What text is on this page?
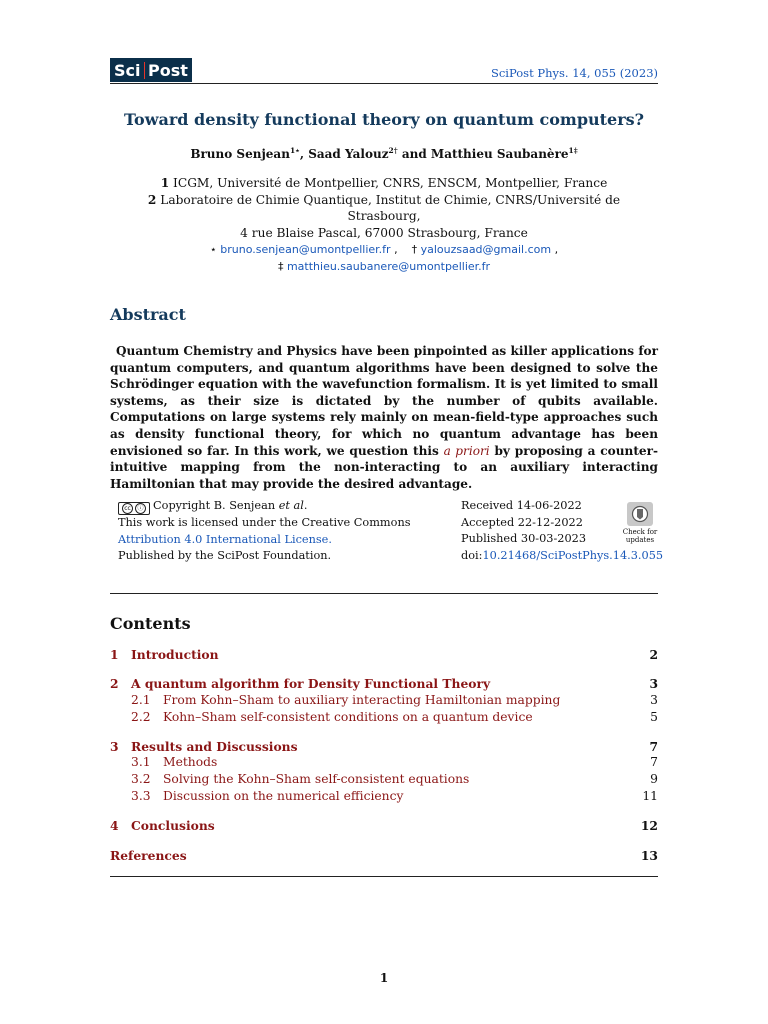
Sci Post	SciPost Phys. 14, 055 (2023)
Toward density functional theory on quantum computers?
Bruno Senjean$^{1⋆}$, Saad Yalouz$^{2\dagger}$ and Matthieu Saubanère$^{1\ddagger}$
1 ICGM, Université de Montpellier, CNRS, ENSCM, Montpellier, France
2 Laboratoire de Chimie Quantique, Institut de Chimie, CNRS/Université de Strasbourg,
4 rue Blaise Pascal, 67000 Strasbourg, France
⋆ bruno.senjean@umontpellier.fr ,    † yalouzsaad@gmail.com ,
‡ matthieu.saubanere@umontpellier.fr
Abstract
Quantum Chemistry and Physics have been pinpointed as killer applications for quantum computers, and quantum algorithms have been designed to solve the Schrödinger equation with the wavefunction formalism. It is yet limited to small systems, as their size is dictated by the number of qubits available. Computations on large systems rely mainly on mean-field-type approaches such as density functional theory, for which no quantum advantage has been envisioned so far. In this work, we question this a priori by proposing a counter-intuitive mapping from the non-interacting to an auxiliary interacting Hamiltonian that may provide the desired advantage.
cc	ⓘ Copyright B. Senjean et al.
This work is licensed under the Creative Commons
Attribution 4.0 International License.
Published by the SciPost Foundation.
Received 14-06-2022
Accepted 22-12-2022
Published 30-03-2023
doi:10.21468/SciPostPhys.14.3.055
Check for
updates
Contents
1 Introduction	2
2 A quantum algorithm for Density Functional Theory	3
2.1 From Kohn–Sham to auxiliary interacting Hamiltonian mapping	3
2.2 Kohn–Sham self-consistent conditions on a quantum device	5
3 Results and Discussions	7
3.1 Methods	7
3.2 Solving the Kohn–Sham self-consistent equations	9
3.3 Discussion on the numerical efficiency	11
4 Conclusions	12
References	13
1
